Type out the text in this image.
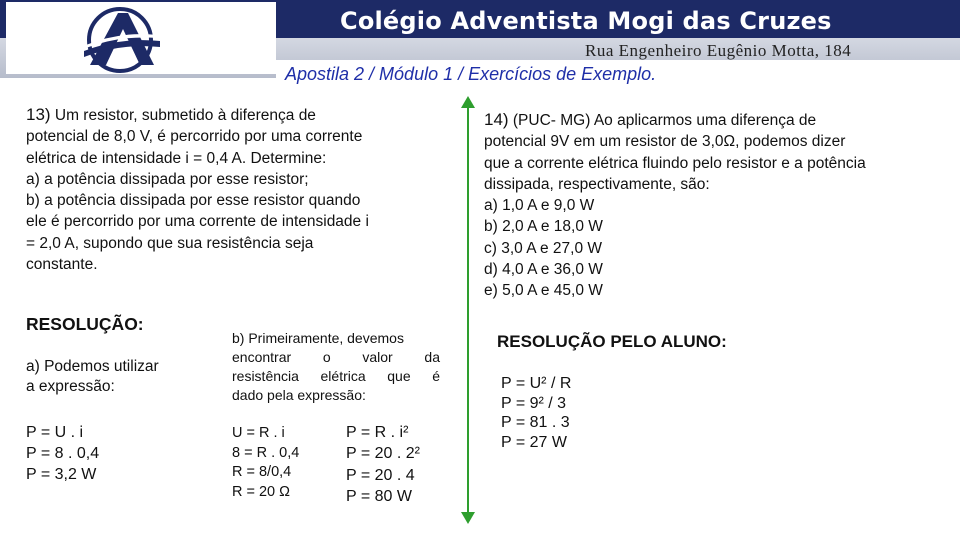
Colégio Adventista Mogi das Cruzes
Rua Engenheiro Eugênio Motta, 184
Apostila 2 / Módulo 1 / Exercícios de Exemplo.
13) Um resistor, submetido à diferença de
potencial de 8,0 V, é percorrido por uma corrente
elétrica de intensidade i = 0,4 A. Determine:
a) a potência dissipada por esse resistor;
b) a potência dissipada por esse resistor quando
ele é percorrido por uma corrente de intensidade i
= 2,0 A, supondo que sua resistência seja
constante.
14) (PUC- MG) Ao aplicarmos uma diferença de
potencial 9V em um resistor de 3,0Ω, podemos dizer
que a corrente elétrica fluindo pelo resistor e a potência
dissipada, respectivamente, são:
a) 1,0 A e 9,0 W
b) 2,0 A e 18,0 W
c) 3,0 A e 27,0 W
d) 4,0 A e 36,0 W
e) 5,0 A e 45,0 W
RESOLUÇÃO:
a) Podemos utilizar
a expressão:
P = U . i
P = 8 . 0,4
P = 3,2 W
b) Primeiramente, devemos
encontrar o valor da
resistência elétrica que é
dado pela expressão:
U = R . i
8 = R . 0,4
R = 8/0,4
R = 20 Ω
P = R . i²
P = 20 . 2²
P = 20 . 4
P = 80 W
RESOLUÇÃO PELO ALUNO:
P = U² / R
P = 9² / 3
P = 81 . 3
P = 27 W
